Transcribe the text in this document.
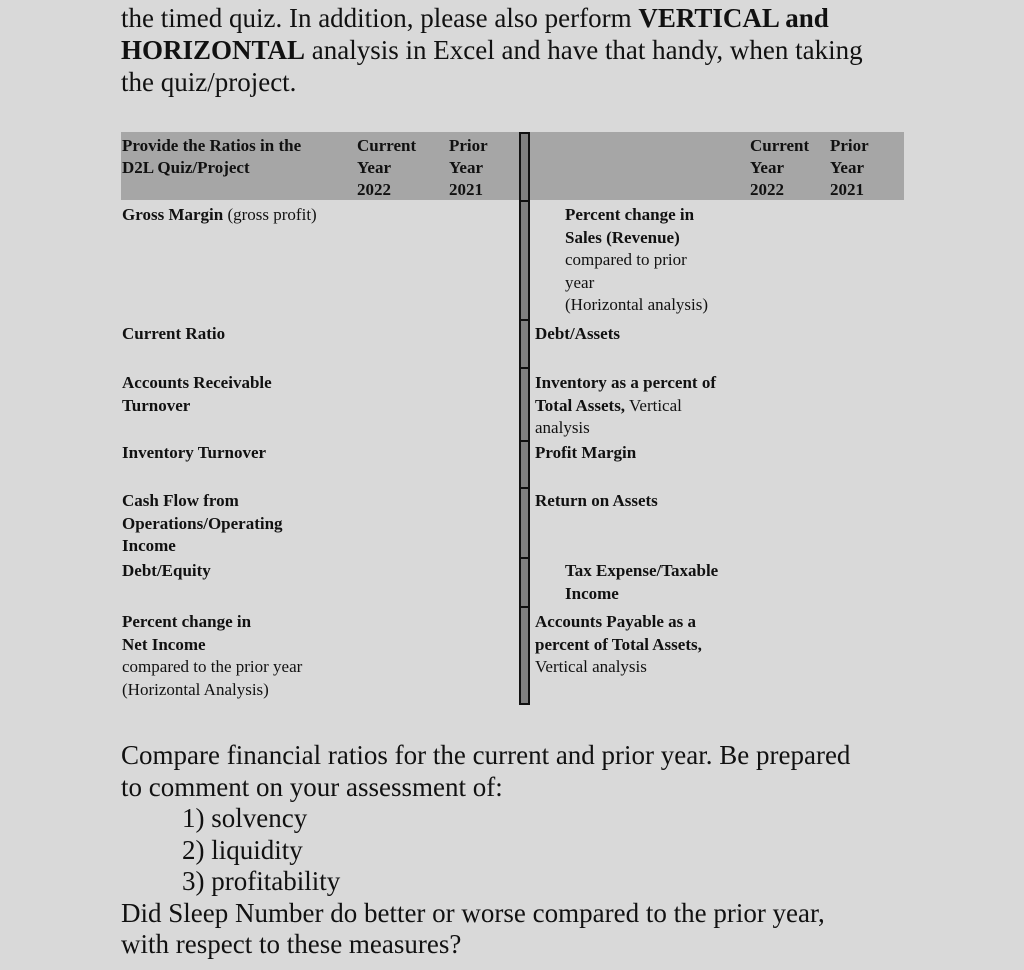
the timed quiz. In addition, please also perform VERTICAL and
HORIZONTAL analysis in Excel and have that handy, when taking
the quiz/project.
Provide the Ratios in the
D2L Quiz/Project
Current
Year
2022
Prior
Year
2021
Current
Year
2022
Prior
Year
2021
Gross Margin (gross profit)
Current Ratio
Accounts Receivable
Turnover
Inventory Turnover
Cash Flow from
Operations/Operating
Income
Debt/Equity
Percent change in
Net Income
compared to the prior year
(Horizontal Analysis)
Percent change in
Sales (Revenue)
compared to prior
year
(Horizontal analysis)
Debt/Assets
Inventory as a percent of
Total Assets, Vertical
analysis
Profit Margin
Return on Assets
Tax Expense/Taxable
Income
Accounts Payable as a
percent of Total Assets,
Vertical analysis
Compare financial ratios for the current and prior year. Be prepared
to comment on your assessment of:
1) solvency
2) liquidity
3) profitability
Did Sleep Number do better or worse compared to the prior year,
with respect to these measures?
